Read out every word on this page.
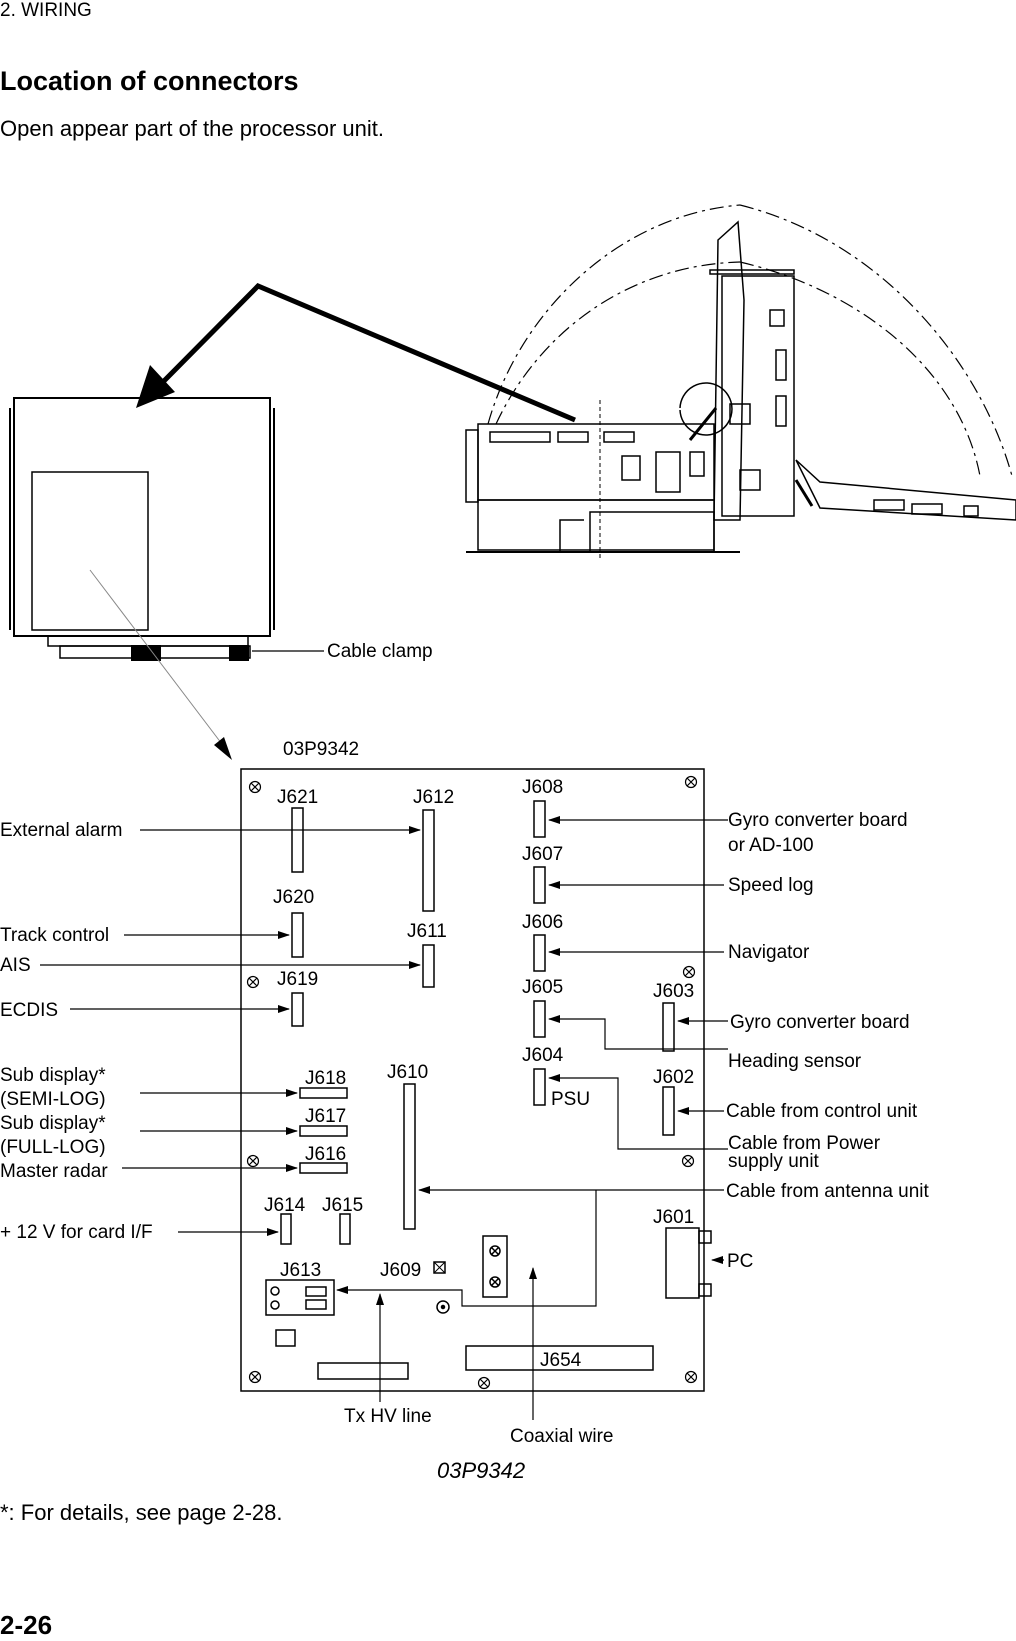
2. WIRING
Location of connectors
Open appear part of the processor unit.
Cable clamp
03P9342
J621	J612	J608
J607
J620
J611	J606
J619	J605	J603
J604
J602
PSU
J618 J610
J617
J616
J614 J615
J601
J613	J609
J654
External alarm
Track control
AIS
ECDIS
Sub display*
(SEMI-LOG)
Sub display*
(FULL-LOG)
Master radar
+ 12 V for card I/F
Gyro converter board
or AD-100
Speed log
Navigator
Gyro converter board
Heading sensor
Cable from control unit
Cable from Power
supply unit
Cable from antenna unit
PC
Tx HV line
Coaxial wire
03P9342
*: For details, see page 2-28.
2-26
